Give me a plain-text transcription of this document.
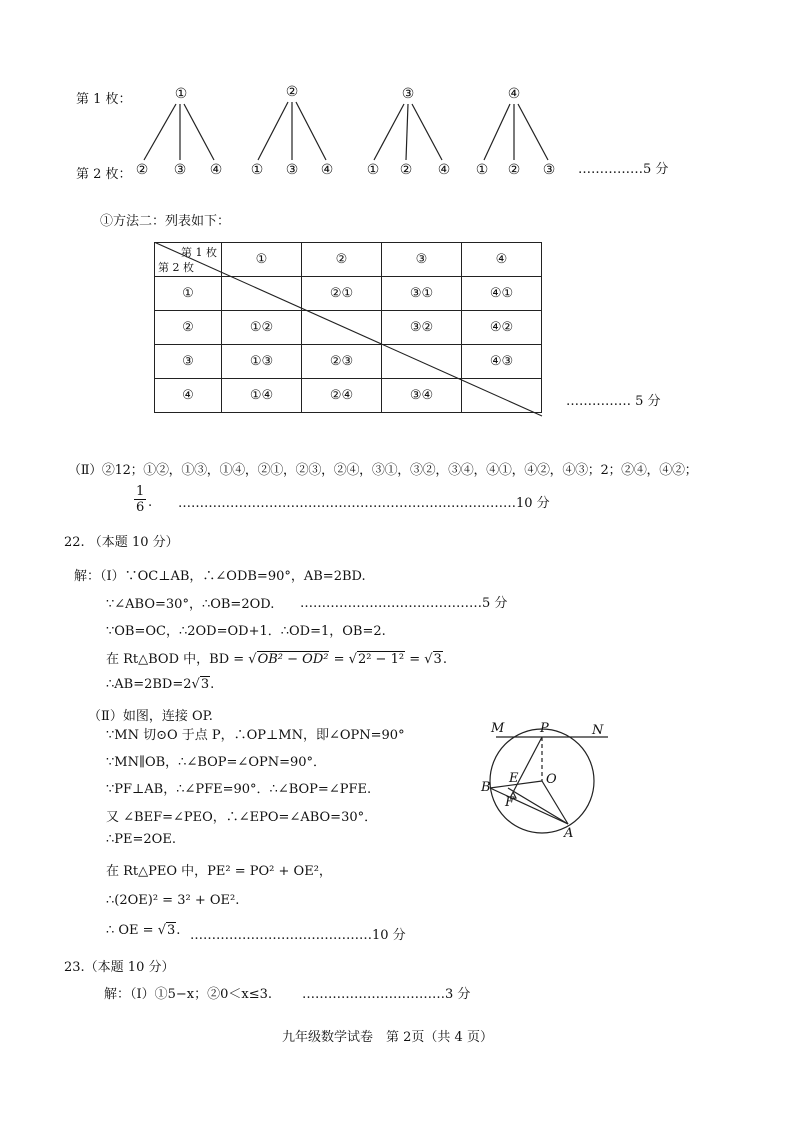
第 1 枚：
第 2 枚：
①	②	③	④
② ③ ④ ① ③ ④ ① ② ④ ① ② ③ ……………5 分
①方法二：列表如下：
第 1 枚
第 2 枚	①	②	③	④
①		②①	③①	④①
②	①②		③②	④②
③	①③	②③		④③
④	①④	②④	③④		…………… 5 分
（Ⅱ）②12；①②，①③，①④，②①，②③，②④，③①，③②，③④，④①，④②，④③；2；②④，④②；
$\frac{1}{6}$ . ……………………………………………………………………10 分
22. （本题 10 分）
解：（Ⅰ）∵OC⊥AB，∴∠ODB=90°，AB=2BD.
∵∠ABO=30°，∴OB=2OD. ……………………………………5 分
∵OB=OC，∴2OD=OD+1．∴OD=1，OB=2.
在 Rt△BOD 中，BD = √OB² − OD² = √2² − 1² = √3.
∴AB=2BD=2√3.
（Ⅱ）如图，连接 OP.
∵MN 切⊙O 于点 P，∴OP⊥MN，即∠OPN=90°
∵MN∥OB，∴∠BOP=∠OPN=90°．
∵PF⊥AB，∴∠PFE=90°．∴∠BOP=∠PFE.
又 ∠BEF=∠PEO，∴∠EPO=∠ABO=30°．
∴PE=2OE.
在 Rt△PEO 中，PE² = PO² + OE²，
∴(2OE)² = 3² + OE².
∴ OE = √3. ……………………………………10 分
M	P	N
E O
B
F
A
23.（本题 10 分）
解：（Ⅰ）①5−x；②0＜x≤3. ……………………………3 分
九年级数学试卷　第 2页（共 4 页）
